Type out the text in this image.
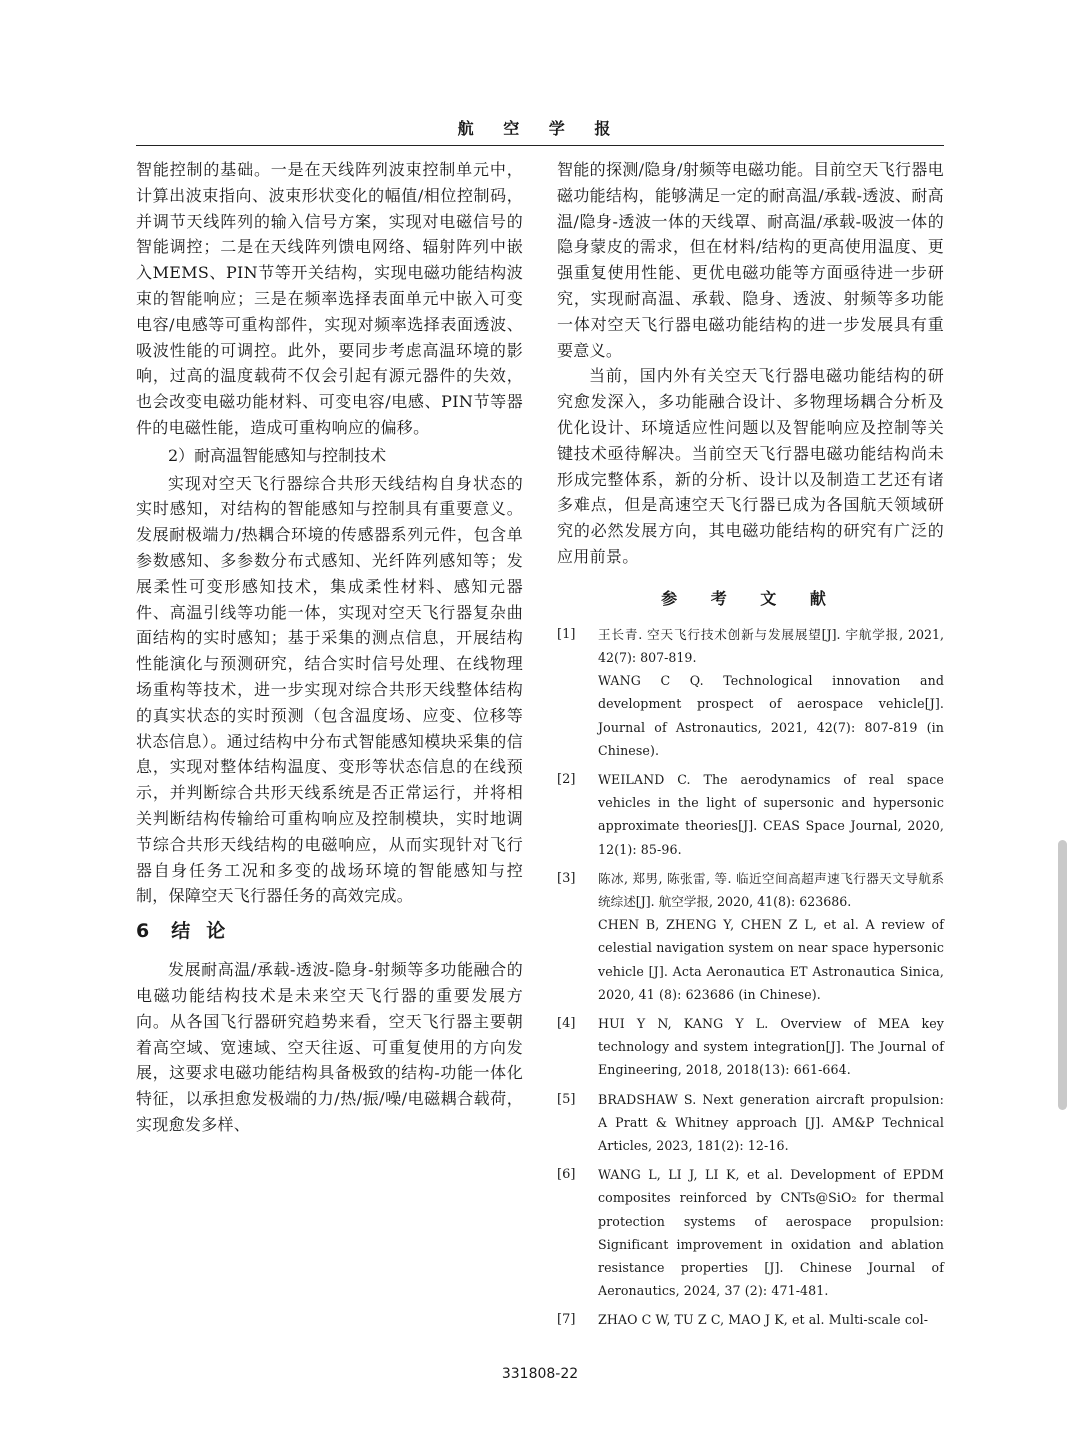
航 空 学 报

智能控制的基础。一是在天线阵列波束控制单元中，计算出波束指向、波束形状变化的幅值/相位控制码，并调节天线阵列的输入信号方案，实现对电磁信号的智能调控；二是在天线阵列馈电网络、辐射阵列中嵌入MEMS、PIN节等开关结构，实现电磁功能结构波束的智能响应；三是在频率选择表面单元中嵌入可变电容/电感等可重构部件，实现对频率选择表面透波、吸波性能的可调控。此外，要同步考虑高温环境的影响，过高的温度载荷不仅会引起有源元器件的失效，也会改变电磁功能材料、可变电容/电感、PIN节等器件的电磁性能，造成可重构响应的偏移。

2）耐高温智能感知与控制技术

实现对空天飞行器综合共形天线结构自身状态的实时感知，对结构的智能感知与控制具有重要意义。发展耐极端力/热耦合环境的传感器系列元件，包含单参数感知、多参数分布式感知、光纤阵列感知等；发展柔性可变形感知技术，集成柔性材料、感知元器件、高温引线等功能一体，实现对空天飞行器复杂曲面结构的实时感知；基于采集的测点信息，开展结构性能演化与预测研究，结合实时信号处理、在线物理场重构等技术，进一步实现对综合共形天线整体结构的真实状态的实时预测（包含温度场、应变、位移等状态信息）。通过结构中分布式智能感知模块采集的信息，实现对整体结构温度、变形等状态信息的在线预示，并判断综合共形天线系统是否正常运行，并将相关判断结构传输给可重构响应及控制模块，实时地调节综合共形天线结构的电磁响应，从而实现针对飞行器自身任务工况和多变的战场环境的智能感知与控制，保障空天飞行器任务的高效完成。

6 结论

发展耐高温/承载-透波-隐身-射频等多功能融合的电磁功能结构技术是未来空天飞行器的重要发展方向。从各国飞行器研究趋势来看，空天飞行器主要朝着高空域、宽速域、空天往返、可重复使用的方向发展，这要求电磁功能结构具备极致的结构-功能一体化特征，以承担愈发极端的力/热/振/噪/电磁耦合载荷，实现愈发多样、

智能的探测/隐身/射频等电磁功能。目前空天飞行器电磁功能结构，能够满足一定的耐高温/承载-透波、耐高温/隐身-透波一体的天线罩、耐高温/承载-吸波一体的隐身蒙皮的需求，但在材料/结构的更高使用温度、更强重复使用性能、更优电磁功能等方面亟待进一步研究，实现耐高温、承载、隐身、透波、射频等多功能一体对空天飞行器电磁功能结构的进一步发展具有重要意义。

当前，国内外有关空天飞行器电磁功能结构的研究愈发深入，多功能融合设计、多物理场耦合分析及优化设计、环境适应性问题以及智能响应及控制等关键技术亟待解决。当前空天飞行器电磁功能结构尚未形成完整体系，新的分析、设计以及制造工艺还有诸多难点，但是高速空天飞行器已成为各国航天领域研究的必然发展方向，其电磁功能结构的研究有广泛的应用前景。

参 考 文 献
[1] 王长青. 空天飞行技术创新与发展展望[J]. 宇航学报, 2021, 42(7): 807-819.

WANG C Q. Technological innovation and development prospect of aerospace vehicle[J]. Journal of Astronautics, 2021, 42(7): 807-819 (in Chinese).

[2] WEILAND C. The aerodynamics of real space vehicles in the light of supersonic and hypersonic approximate theories[J]. CEAS Space Journal, 2020, 12(1): 85-96.

[3] 陈冰, 郑男, 陈张雷, 等. 临近空间高超声速飞行器天文导航系统综述[J]. 航空学报, 2020, 41(8): 623686.

CHEN B, ZHENG Y, CHEN Z L, et al. A review of celestial navigation system on near space hypersonic vehicle [J]. Acta Aeronautica ET Astronautica Sinica, 2020, 41 (8): 623686 (in Chinese).

[4] HUI Y N, KANG Y L. Overview of MEA key technology and system integration[J]. The Journal of Engineering, 2018, 2018(13): 661-664.

[5] BRADSHAW S. Next generation aircraft propulsion: A Pratt & Whitney approach [J]. AM&P Technical Articles, 2023, 181(2): 12-16.

[6] WANG L, LI J, LI K, et al. Development of EPDM composites reinforced by CNTs@SiO₂ for thermal protection systems of aerospace propulsion: Significant improvement in oxidation and ablation resistance properties [J]. Chinese Journal of Aeronautics, 2024, 37 (2): 471-481.

[7] ZHAO C W, TU Z C, MAO J K, et al. Multi-scale col-

331808-22
